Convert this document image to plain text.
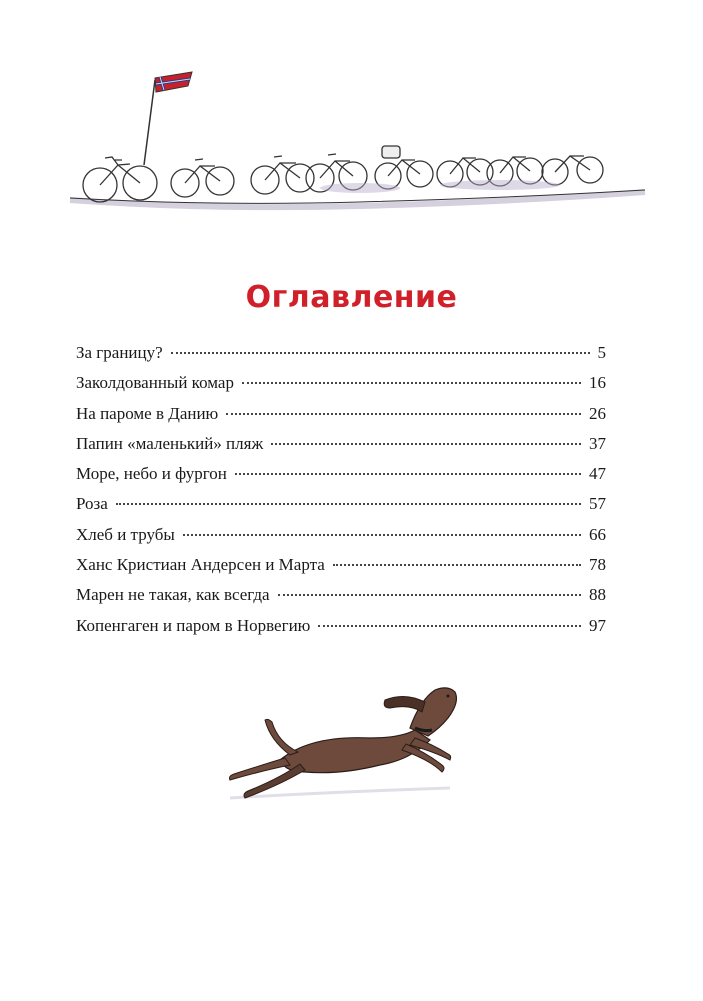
Оглавление
За границу?	5
Заколдованный комар	16
На пароме в Данию	26
Папин «маленький» пляж	37
Море, небо и фургон	47
Роза	57
Хлеб и трубы	66
Ханс Кристиан Андерсен и Марта	78
Марен не такая, как всегда	88
Копенгаген и паром в Норвегию	97
